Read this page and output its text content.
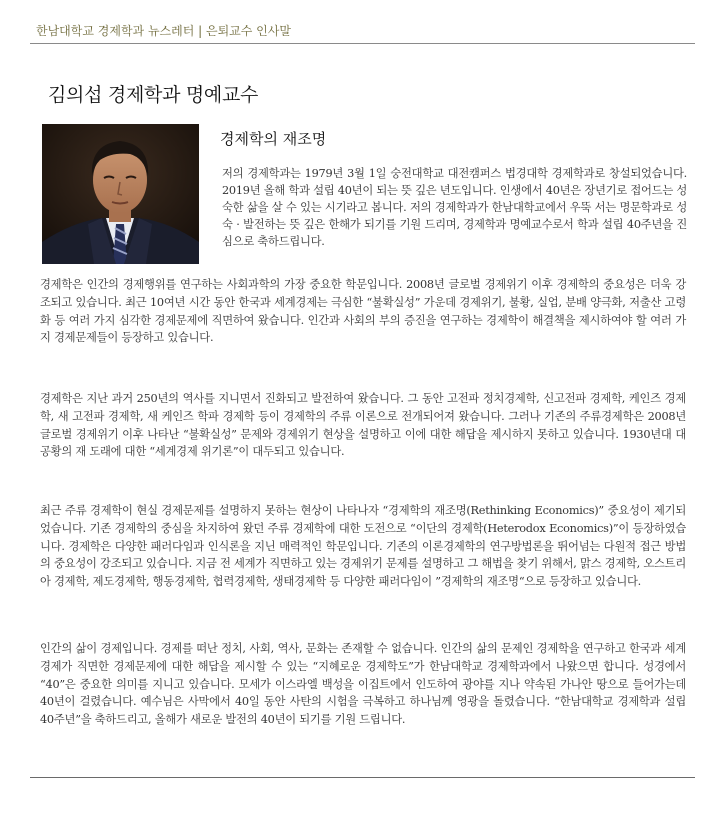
한남대학교 경제학과 뉴스레터 | 은퇴교수 인사말
김의섭 경제학과 명예교수
경제학의 재조명
저의 경제학과는 1979년 3월 1일 숭전대학교 대전캠퍼스 법경대학 경제학과로 창설되었습니다. 2019년 올해 학과 설립 40년이 되는 뜻 깊은 년도입니다. 인생에서 40년은 장년기로 접어드는 성숙한 삶을 살 수 있는 시기라고 봅니다. 저의 경제학과가 한남대학교에서 우뚝 서는 명문학과로 성숙 · 발전하는 뜻 깊은 한해가 되기를 기원 드리며, 경제학과 명예교수로서 학과 설립 40주년을 진심으로 축하드립니다.
경제학은 인간의 경제행위를 연구하는 사회과학의 가장 중요한 학문입니다. 2008년 글로벌 경제위기 이후 경제학의 중요성은 더욱 강조되고 있습니다. 최근 10여년 시간 동안 한국과 세계경제는 극심한 “불확실성” 가운데 경제위기, 불황, 실업, 분배 양극화, 저출산 고령화 등 여러 가지 심각한 경제문제에 직면하여 왔습니다. 인간과 사회의 부의 증진을 연구하는 경제학이 해결책을 제시하여야 할 여러 가지 경제문제들이 등장하고 있습니다.
경제학은 지난 과거 250년의 역사를 지니면서 진화되고 발전하여 왔습니다. 그 동안 고전파 정치경제학, 신고전파 경제학, 케인즈 경제학, 새 고전파 경제학, 새 케인즈 학파 경제학 등이 경제학의 주류 이론으로 전개되어져 왔습니다. 그러나 기존의 주류경제학은 2008년 글로벌 경제위기 이후 나타난 “불확실성” 문제와 경제위기 현상을 설명하고 이에 대한 해답을 제시하지 못하고 있습니다. 1930년대 대공황의 재 도래에 대한 “세계경제 위기론”이 대두되고 있습니다.
최근 주류 경제학이 현실 경제문제를 설명하지 못하는 현상이 나타나자 “경제학의 재조명(Rethinking Economics)” 중요성이 제기되었습니다. 기존 경제학의 중심을 차지하여 왔던 주류 경제학에 대한 도전으로 “이단의 경제학(Heterodox Economics)”이 등장하였습니다. 경제학은 다양한 패러다임과 인식론을 지닌 매력적인 학문입니다. 기존의 이론경제학의 연구방법론을 뛰어넘는 다원적 접근 방법의 중요성이 강조되고 있습니다. 지금 전 세계가 직면하고 있는 경제위기 문제를 설명하고 그 해법을 찾기 위해서, 맑스 경제학, 오스트리아 경제학, 제도경제학, 행동경제학, 협력경제학, 생태경제학 등 다양한 패러다임이 ”경제학의 재조명“으로 등장하고 있습니다.
인간의 삶이 경제입니다. 경제를 떠난 정치, 사회, 역사, 문화는 존재할 수 없습니다. 인간의 삶의 문제인 경제학을 연구하고 한국과 세계경제가 직면한 경제문제에 대한 해답을 제시할 수 있는 “지혜로운 경제학도”가 한남대학교 경제학과에서 나왔으면 합니다. 성경에서 “40”은 중요한 의미를 지니고 있습니다. 모세가 이스라엘 백성을 이집트에서 인도하여 광야를 지나 약속된 가나안 땅으로 들어가는데 40년이 걸렸습니다. 예수님은 사막에서 40일 동안 사탄의 시험을 극복하고 하나님께 영광을 돌렸습니다. “한남대학교 경제학과 설립 40주년”을 축하드리고, 올해가 새로운 발전의 40년이 되기를 기원 드립니다.
